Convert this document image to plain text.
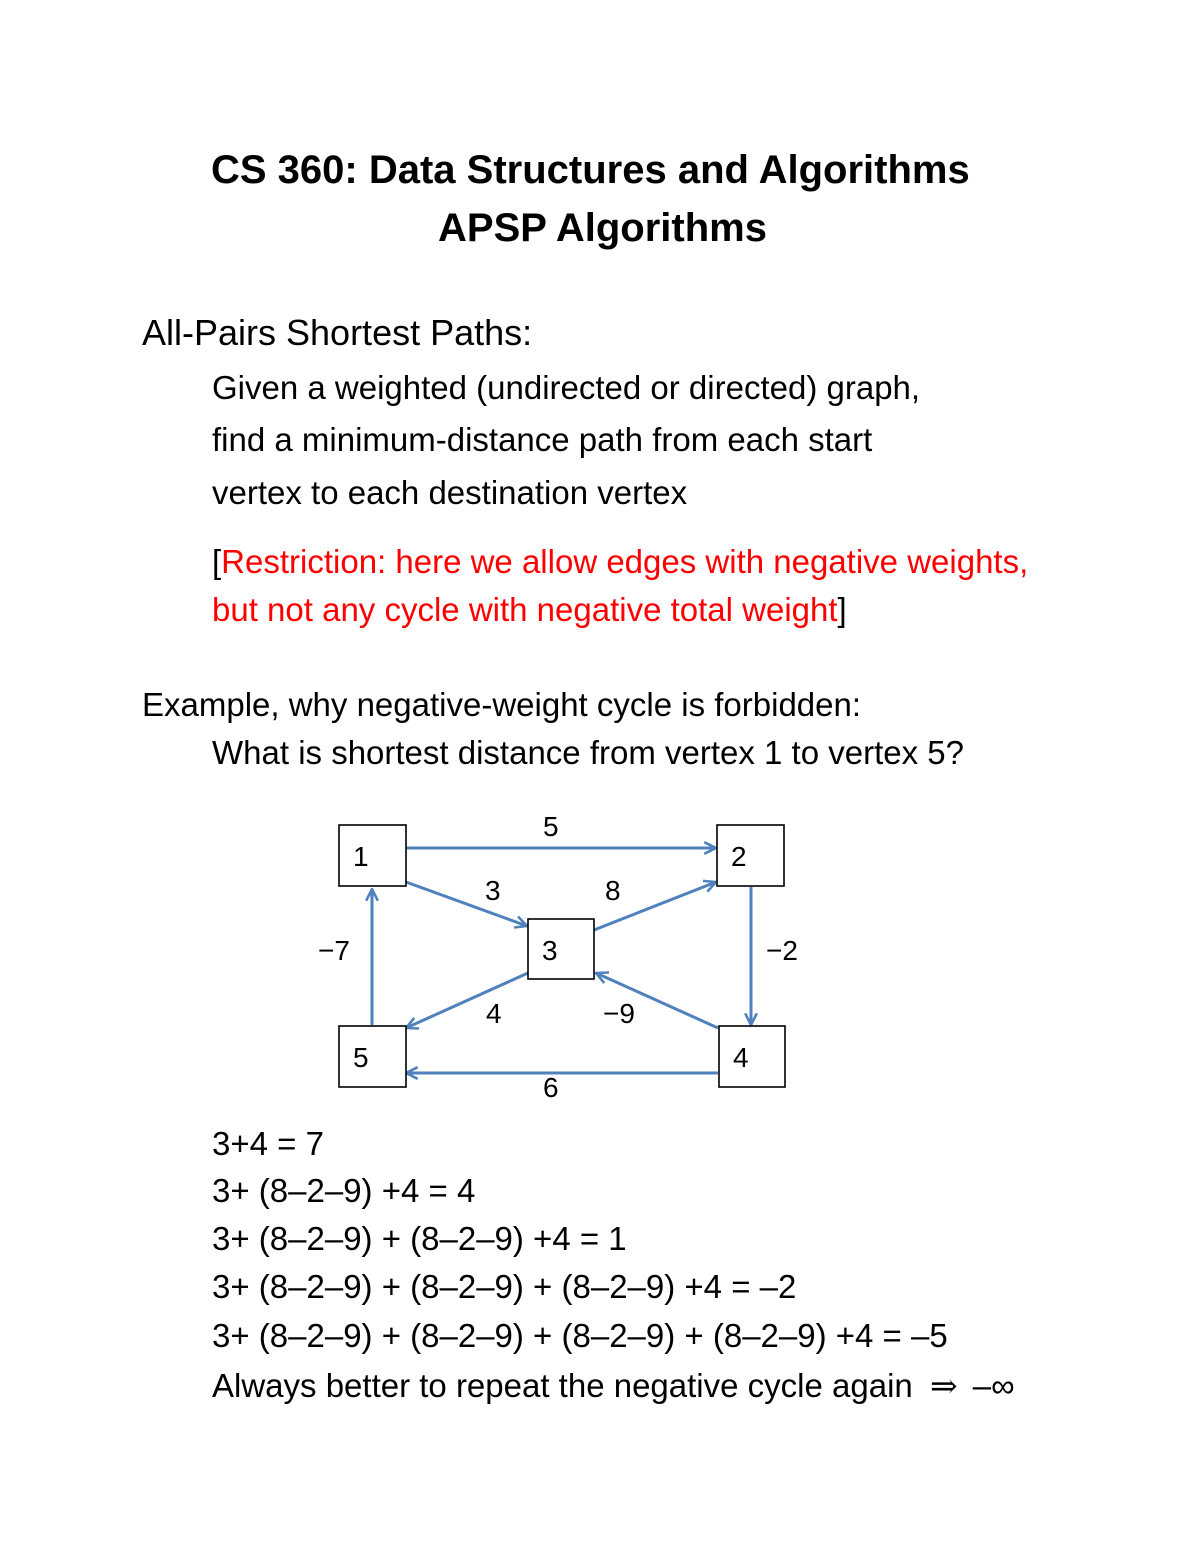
CS 360: Data Structures and Algorithms
APSP Algorithms
All-Pairs Shortest Paths:
Given a weighted (undirected or directed) graph,
find a minimum-distance path from each start
vertex to each destination vertex
[Restriction: here we allow edges with negative weights,
but not any cycle with negative total weight]
Example, why negative-weight cycle is forbidden:
What is shortest distance from vertex 1 to vertex 5?
1	2
3
4
5
5
3	8
−2
−9
4
6
−7
3+4 = 7
3+ (8–2–9) +4 = 4
3+ (8–2–9) + (8–2–9) +4 = 1
3+ (8–2–9) + (8–2–9) + (8–2–9) +4 = –2
3+ (8–2–9) + (8–2–9) + (8–2–9) + (8–2–9) +4 = –5
Always better to repeat the negative cycle again ⇒ –∞
